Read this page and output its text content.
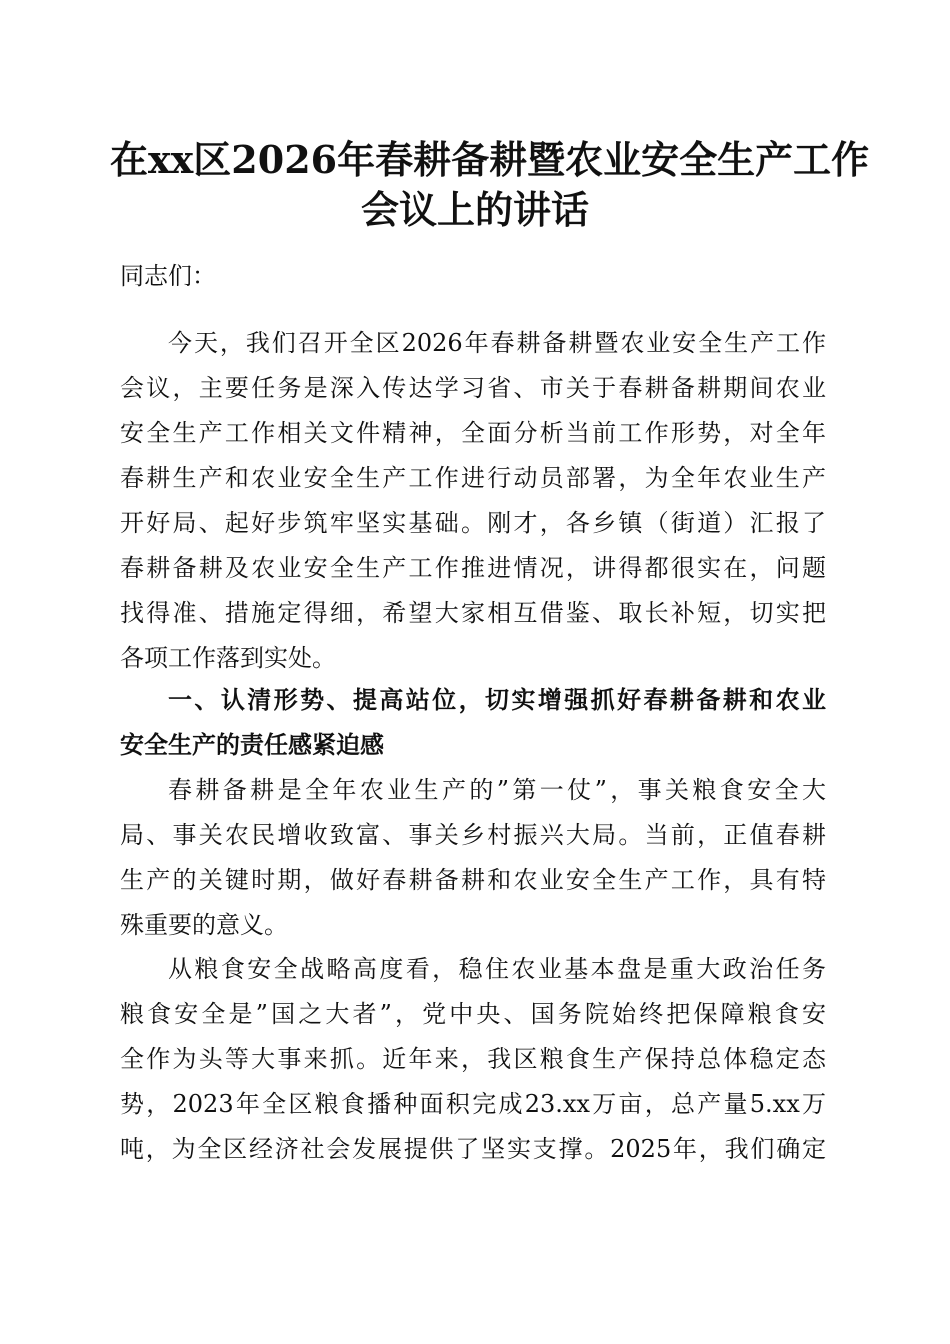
在xx区2026年春耕备耕暨农业安全生产工作
会议上的讲话
同志们：
今天，我们召开全区2026年春耕备耕暨农业安全生产工作
会议，主要任务是深入传达学习省、市关于春耕备耕期间农业
安全生产工作相关文件精神，全面分析当前工作形势，对全年
春耕生产和农业安全生产工作进行动员部署，为全年农业生产
开好局、起好步筑牢坚实基础。刚才，各乡镇（街道）汇报了
春耕备耕及农业安全生产工作推进情况，讲得都很实在，问题
找得准、措施定得细，希望大家相互借鉴、取长补短，切实把
各项工作落到实处。
一、认清形势、提高站位，切实增强抓好春耕备耕和农业
安全生产的责任感紧迫感
春耕备耕是全年农业生产的”第一仗”，事关粮食安全大
局、事关农民增收致富、事关乡村振兴大局。当前，正值春耕
生产的关键时期，做好春耕备耕和农业安全生产工作，具有特
殊重要的意义。
从粮食安全战略高度看，稳住农业基本盘是重大政治任务
粮食安全是”国之大者”，党中央、国务院始终把保障粮食安
全作为头等大事来抓。近年来，我区粮食生产保持总体稳定态
势，2023年全区粮食播种面积完成23.xx万亩，总产量5.xx万
吨，为全区经济社会发展提供了坚实支撑。2025年，我们确定
